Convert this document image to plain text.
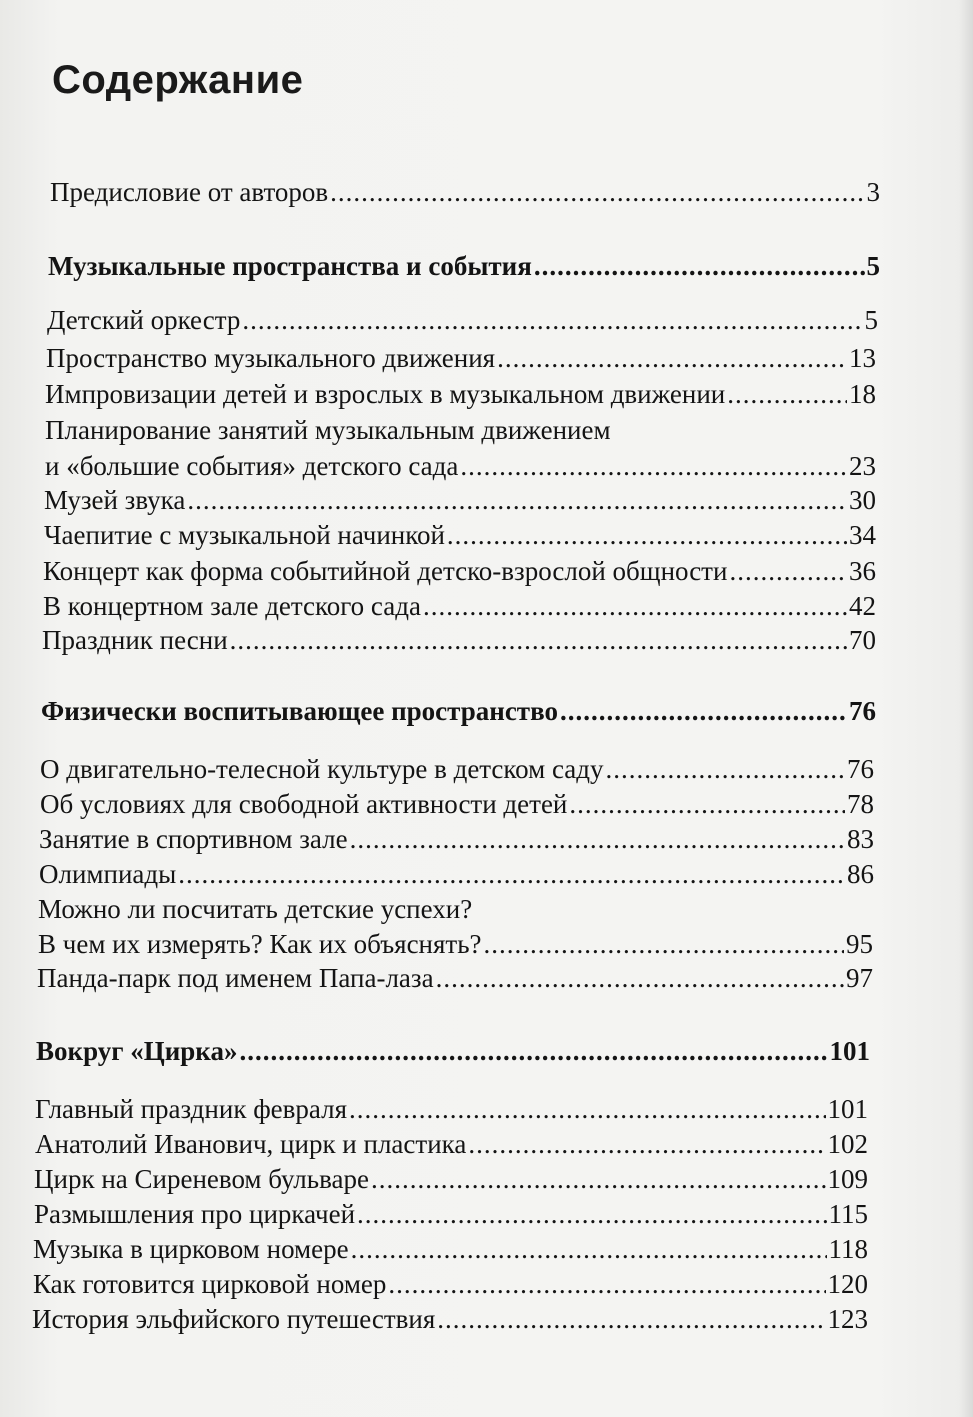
Содержание
Предисловие от авторов .....	3
Музыкальные пространства и события .....	5
Детский оркестр .....	5
Пространство музыкального движения .....	13
Импровизации детей и взрослых в музыкальном движении .....	18
Планирование занятий музыкальным движением
и «большие события» детского сада .....	23
Музей звука .....	30
Чаепитие с музыкальной начинкой .....	34
Концерт как форма событийной детско-взрослой общности .....	36
В концертном зале детского сада .....	42
Праздник песни .....	70
Физически воспитывающее пространство .....	76
О двигательно-телесной культуре в детском саду .....	76
Об условиях для свободной активности детей .....	78
Занятие в спортивном зале .....	83
Олимпиады .....	86
Можно ли посчитать детские успехи?
В чем их измерять? Как их объяснять? .....	95
Панда-парк под именем Папа-лаза .....	97
Вокруг «Цирка» .....	101
Главный праздник февраля .....	101
Анатолий Иванович, цирк и пластика .....	102
Цирк на Сиреневом бульваре .....	109
Размышления про циркачей .....	115
Музыка в цирковом номере .....	118
Как готовится цирковой номер .....	120
История эльфийского путешествия .....	123
